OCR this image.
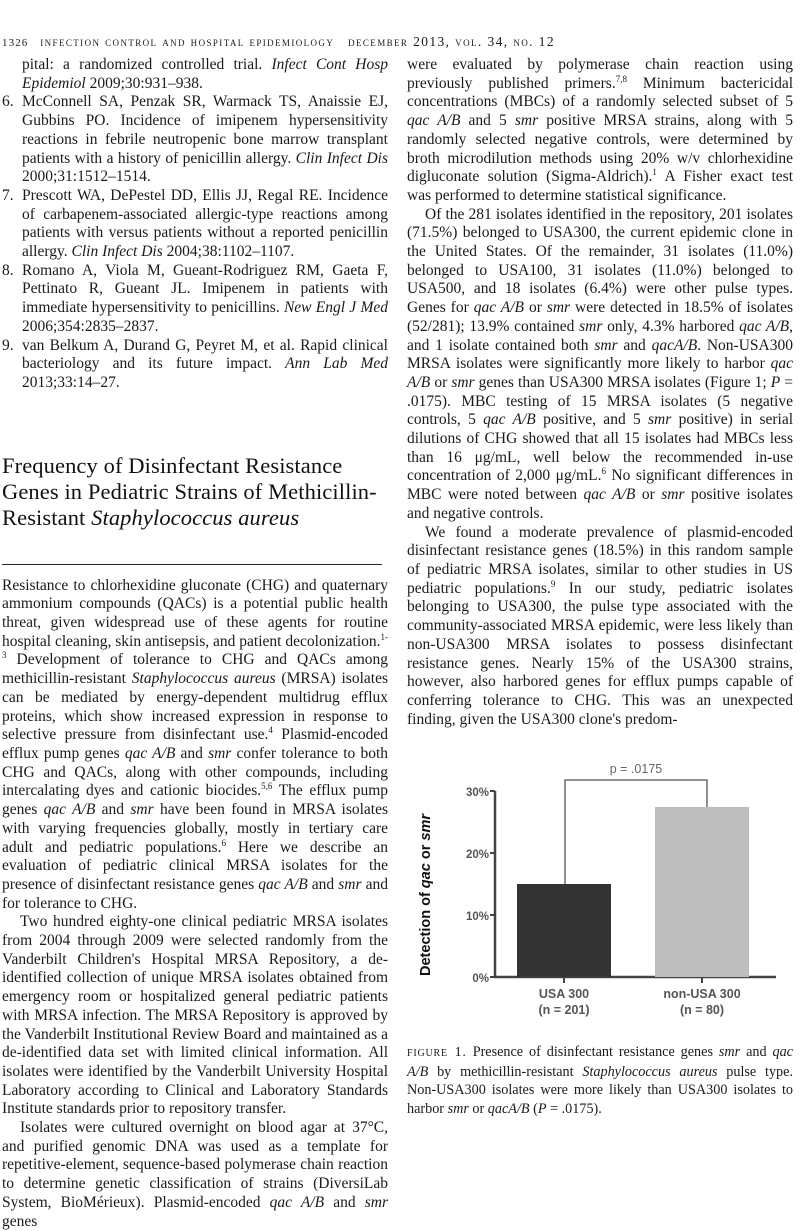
1326 infection control and hospital epidemiology december 2013, vol. 34, no. 12
pital: a randomized controlled trial. Infect Cont Hosp Epidemiol 2009;30:931–938.
6. McConnell SA, Penzak SR, Warmack TS, Anaissie EJ, Gubbins PO. Incidence of imipenem hypersensitivity reactions in febrile neutropenic bone marrow transplant patients with a history of penicillin allergy. Clin Infect Dis 2000;31:1512–1514.
7. Prescott WA, DePestel DD, Ellis JJ, Regal RE. Incidence of carbapenem-associated allergic-type reactions among patients with versus patients without a reported penicillin allergy. Clin Infect Dis 2004;38:1102–1107.
8. Romano A, Viola M, Gueant-Rodriguez RM, Gaeta F, Pettinato R, Gueant JL. Imipenem in patients with immediate hypersensitivity to penicillins. New Engl J Med 2006;354:2835–2837.
9. van Belkum A, Durand G, Peyret M, et al. Rapid clinical bacteriology and its future impact. Ann Lab Med 2013;33:14–27.
Frequency of Disinfectant Resistance Genes in Pediatric Strains of Methicillin-Resistant Staphylococcus aureus

Resistance to chlorhexidine gluconate (CHG) and quaternary ammonium compounds (QACs) is a potential public health threat, given widespread use of these agents for routine hospital cleaning, skin antisepsis, and patient decolonization.$^{1-3}$ Development of tolerance to CHG and QACs among methicillin-resistant Staphylococcus aureus (MRSA) isolates can be mediated by energy-dependent multidrug efflux proteins, which show increased expression in response to selective pressure from disinfectant use.$^4$ Plasmid-encoded efflux pump genes qac A/B and smr confer tolerance to both CHG and QACs, along with other compounds, including intercalating dyes and cationic biocides.$^{5,6}$ The efflux pump genes qac A/B and smr have been found in MRSA isolates with varying frequencies globally, mostly in tertiary care adult and pediatric populations.$^6$ Here we describe an evaluation of pediatric clinical MRSA isolates for the presence of disinfectant resistance genes qac A/B and smr and for tolerance to CHG.

Two hundred eighty-one clinical pediatric MRSA isolates from 2004 through 2009 were selected randomly from the Vanderbilt Children's Hospital MRSA Repository, a de-identified collection of unique MRSA isolates obtained from emergency room or hospitalized general pediatric patients with MRSA infection. The MRSA Repository is approved by the Vanderbilt Institutional Review Board and maintained as a de-identified data set with limited clinical information. All isolates were identified by the Vanderbilt University Hospital Laboratory according to Clinical and Laboratory Standards Institute standards prior to repository transfer.

Isolates were cultured overnight on blood agar at 37°C, and purified genomic DNA was used as a template for repetitive-element, sequence-based polymerase chain reaction to determine genetic classification of strains (DiversiLab System, BioMérieux). Plasmid-encoded qac A/B and smr genes

were evaluated by polymerase chain reaction using previously published primers.$^{7,8}$ Minimum bactericidal concentrations (MBCs) of a randomly selected subset of 5 qac A/B and 5 smr positive MRSA strains, along with 5 randomly selected negative controls, were determined by broth microdilution methods using 20% w/v chlorhexidine digluconate solution (Sigma-Aldrich).$^1$ A Fisher exact test was performed to determine statistical significance.

Of the 281 isolates identified in the repository, 201 isolates (71.5%) belonged to USA300, the current epidemic clone in the United States. Of the remainder, 31 isolates (11.0%) belonged to USA100, 31 isolates (11.0%) belonged to USA500, and 18 isolates (6.4%) were other pulse types. Genes for qac A/B or smr were detected in 18.5% of isolates (52/281); 13.9% contained smr only, 4.3% harbored qac A/B, and 1 isolate contained both smr and qacA/B. Non-USA300 MRSA isolates were significantly more likely to harbor qac A/B or smr genes than USA300 MRSA isolates (Figure 1; P = .0175). MBC testing of 15 MRSA isolates (5 negative controls, 5 qac A/B positive, and 5 smr positive) in serial dilutions of CHG showed that all 15 isolates had MBCs less than 16 μg/mL, well below the recommended in-use concentration of 2,000 μg/mL.$^6$ No significant differences in MBC were noted between qac A/B or smr positive isolates and negative controls.

We found a moderate prevalence of plasmid-encoded disinfectant resistance genes (18.5%) in this random sample of pediatric MRSA isolates, similar to other studies in US pediatric populations.$^9$ In our study, pediatric isolates belonging to USA300, the pulse type associated with the community-associated MRSA epidemic, were less likely than non-USA300 MRSA isolates to possess disinfectant resistance genes. Nearly 15% of the USA300 strains, however, also harbored genes for efflux pumps capable of conferring tolerance to CHG. This was an unexpected finding, given the USA300 clone's predom-

Detection of qac or smr
0%
10%
20%
30%
p = .0175
USA 300
(n = 201)
non-USA 300
(n = 80)
figure 1. Presence of disinfectant resistance genes smr and qac A/B by methicillin-resistant Staphylococcus aureus pulse type. Non-USA300 isolates were more likely than USA300 isolates to harbor smr or qacA/B (P = .0175).
